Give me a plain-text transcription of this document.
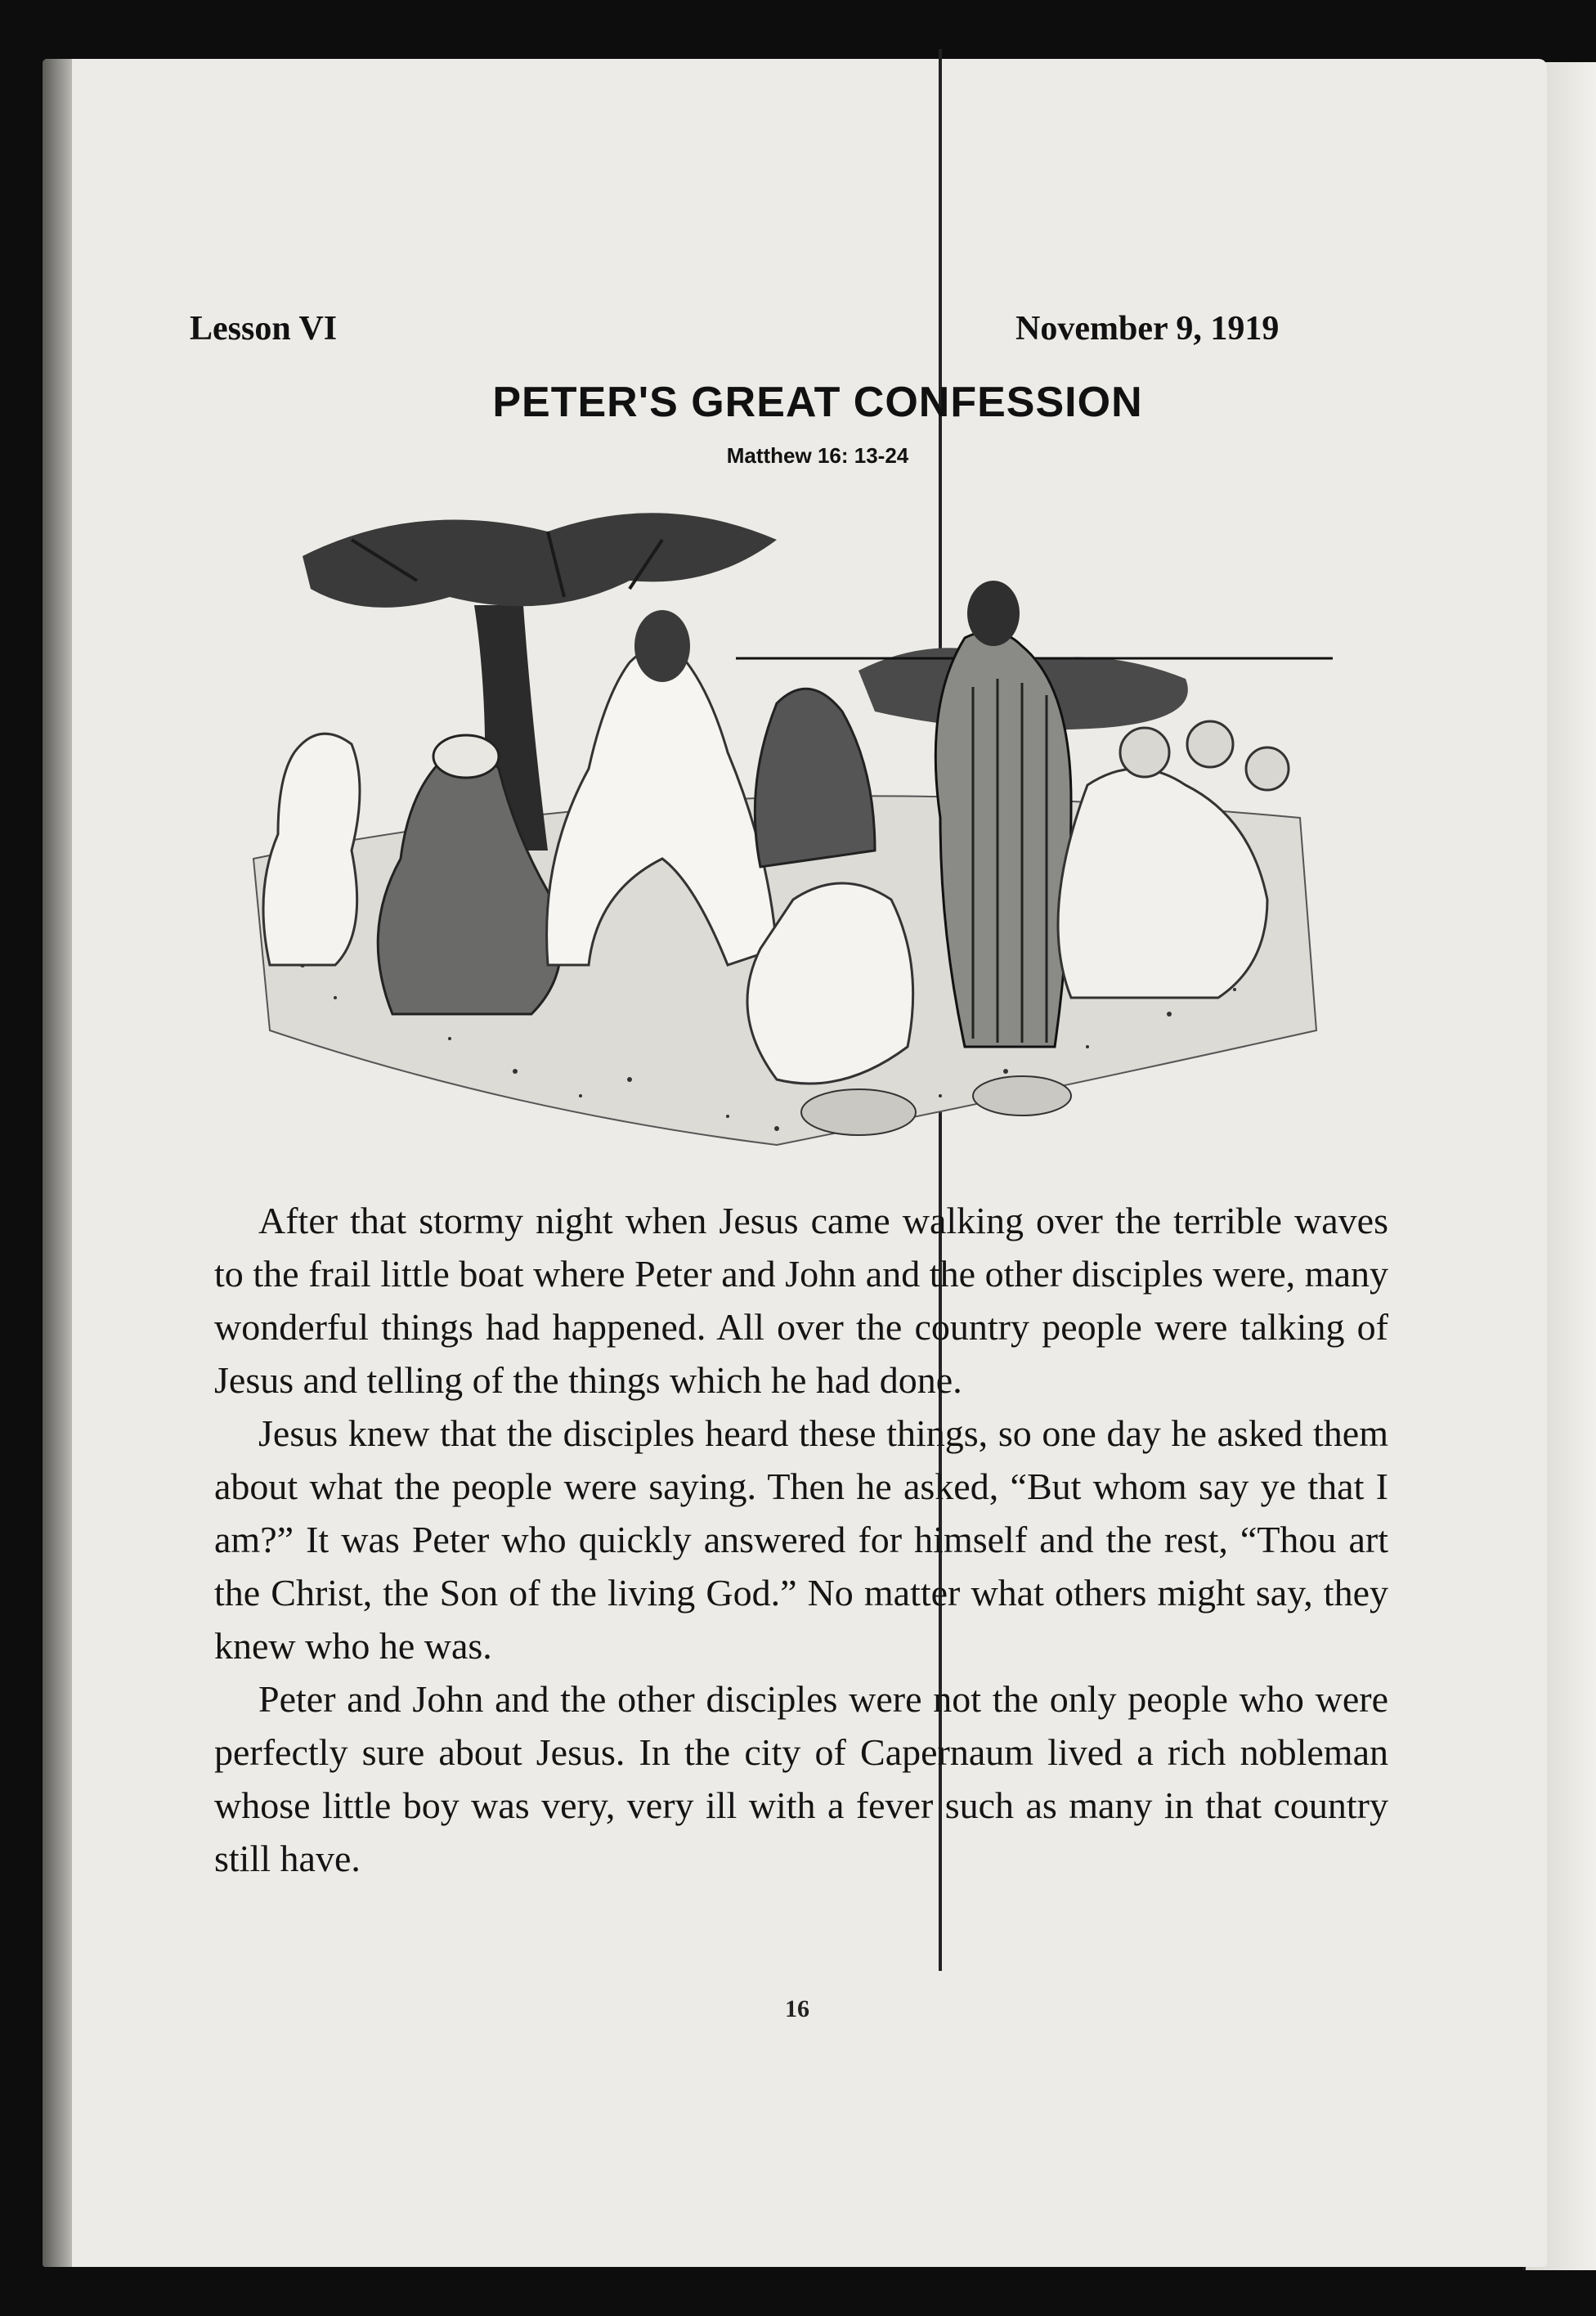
Lesson VI	November 9, 1919
PETER'S GREAT CONFESSION
Matthew 16: 13-24

After that stormy night when Jesus came walking over the terrible waves to the frail little boat where Peter and John and the other disciples were, many wonderful things had happened. All over the country people were talking of Jesus and telling of the things which he had done.

Jesus knew that the disciples heard these things, so one day he asked them about what the people were saying. Then he asked, “But whom say ye that I am?” It was Peter who quickly answered for himself and the rest, “Thou art the Christ, the Son of the living God.” No matter what others might say, they knew who he was.

Peter and John and the other disciples were not the only people who were perfectly sure about Jesus. In the city of Capernaum lived a rich nobleman whose little boy was very, very ill with a fever such as many in that country still have.

16
